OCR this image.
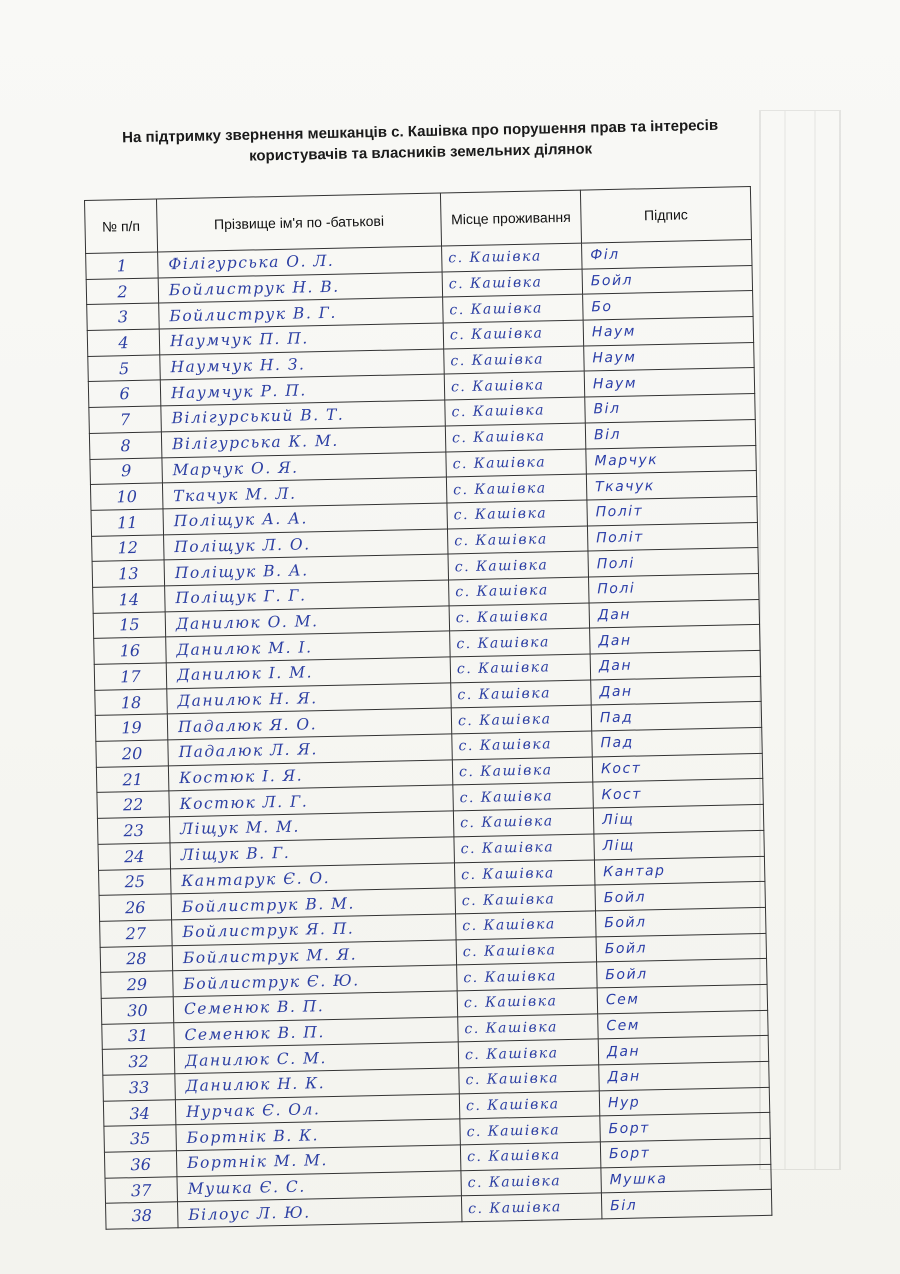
На підтримку звернення мешканців с. Кашівка про порушення прав та інтересів
користувачів та власників земельних ділянок
№ п/п	Прізвище ім'я по -батькові	Місце проживання	Підпис
1	Філігурська О. Л.	с. Кашівка	Філ
2	Бойлиструк Н. В.	с. Кашівка	Бойл
3	Бойлиструк В. Г.	с. Кашівка	Бо
4	Наумчук П. П.	с. Кашівка	Наум
5	Наумчук Н. З.	с. Кашівка	Наум
6	Наумчук Р. П.	с. Кашівка	Наум
7	Вілігурський В. Т.	с. Кашівка	Віл
8	Вілігурська К. М.	с. Кашівка	Віл
9	Марчук О. Я.	с. Кашівка	Марчук
10	Ткачук М. Л.	с. Кашівка	Ткачук
11	Поліщук А. А.	с. Кашівка	Політ
12	Поліщук Л. О.	с. Кашівка	Політ
13	Поліщук В. А.	с. Кашівка	Полі
14	Поліщук Г. Г.	с. Кашівка	Полі
15	Данилюк О. М.	с. Кашівка	Дан
16	Данилюк М. І.	с. Кашівка	Дан
17	Данилюк І. М.	с. Кашівка	Дан
18	Данилюк Н. Я.	с. Кашівка	Дан
19	Падалюк Я. О.	с. Кашівка	Пад
20	Падалюк Л. Я.	с. Кашівка	Пад
21	Костюк І. Я.	с. Кашівка	Кост
22	Костюк Л. Г.	с. Кашівка	Кост
23	Ліщук М. М.	с. Кашівка	Ліщ
24	Ліщук В. Г.	с. Кашівка	Ліщ
25	Кантарук Є. О.	с. Кашівка	Кантар
26	Бойлиструк В. М.	с. Кашівка	Бойл
27	Бойлиструк Я. П.	с. Кашівка	Бойл
28	Бойлиструк М. Я.	с. Кашівка	Бойл
29	Бойлиструк Є. Ю.	с. Кашівка	Бойл
30	Семенюк В. П.	с. Кашівка	Сем
31	Семенюк В. П.	с. Кашівка	Сем
32	Данилюк С. М.	с. Кашівка	Дан
33	Данилюк Н. К.	с. Кашівка	Дан
34	Нурчак Є. Ол.	с. Кашівка	Нур
35	Бортнік В. К.	с. Кашівка	Борт
36	Бортнік М. М.	с. Кашівка	Борт
37	Мушка Є. С.	с. Кашівка	Мушка
38	Білоус Л. Ю.	с. Кашівка	Біл
